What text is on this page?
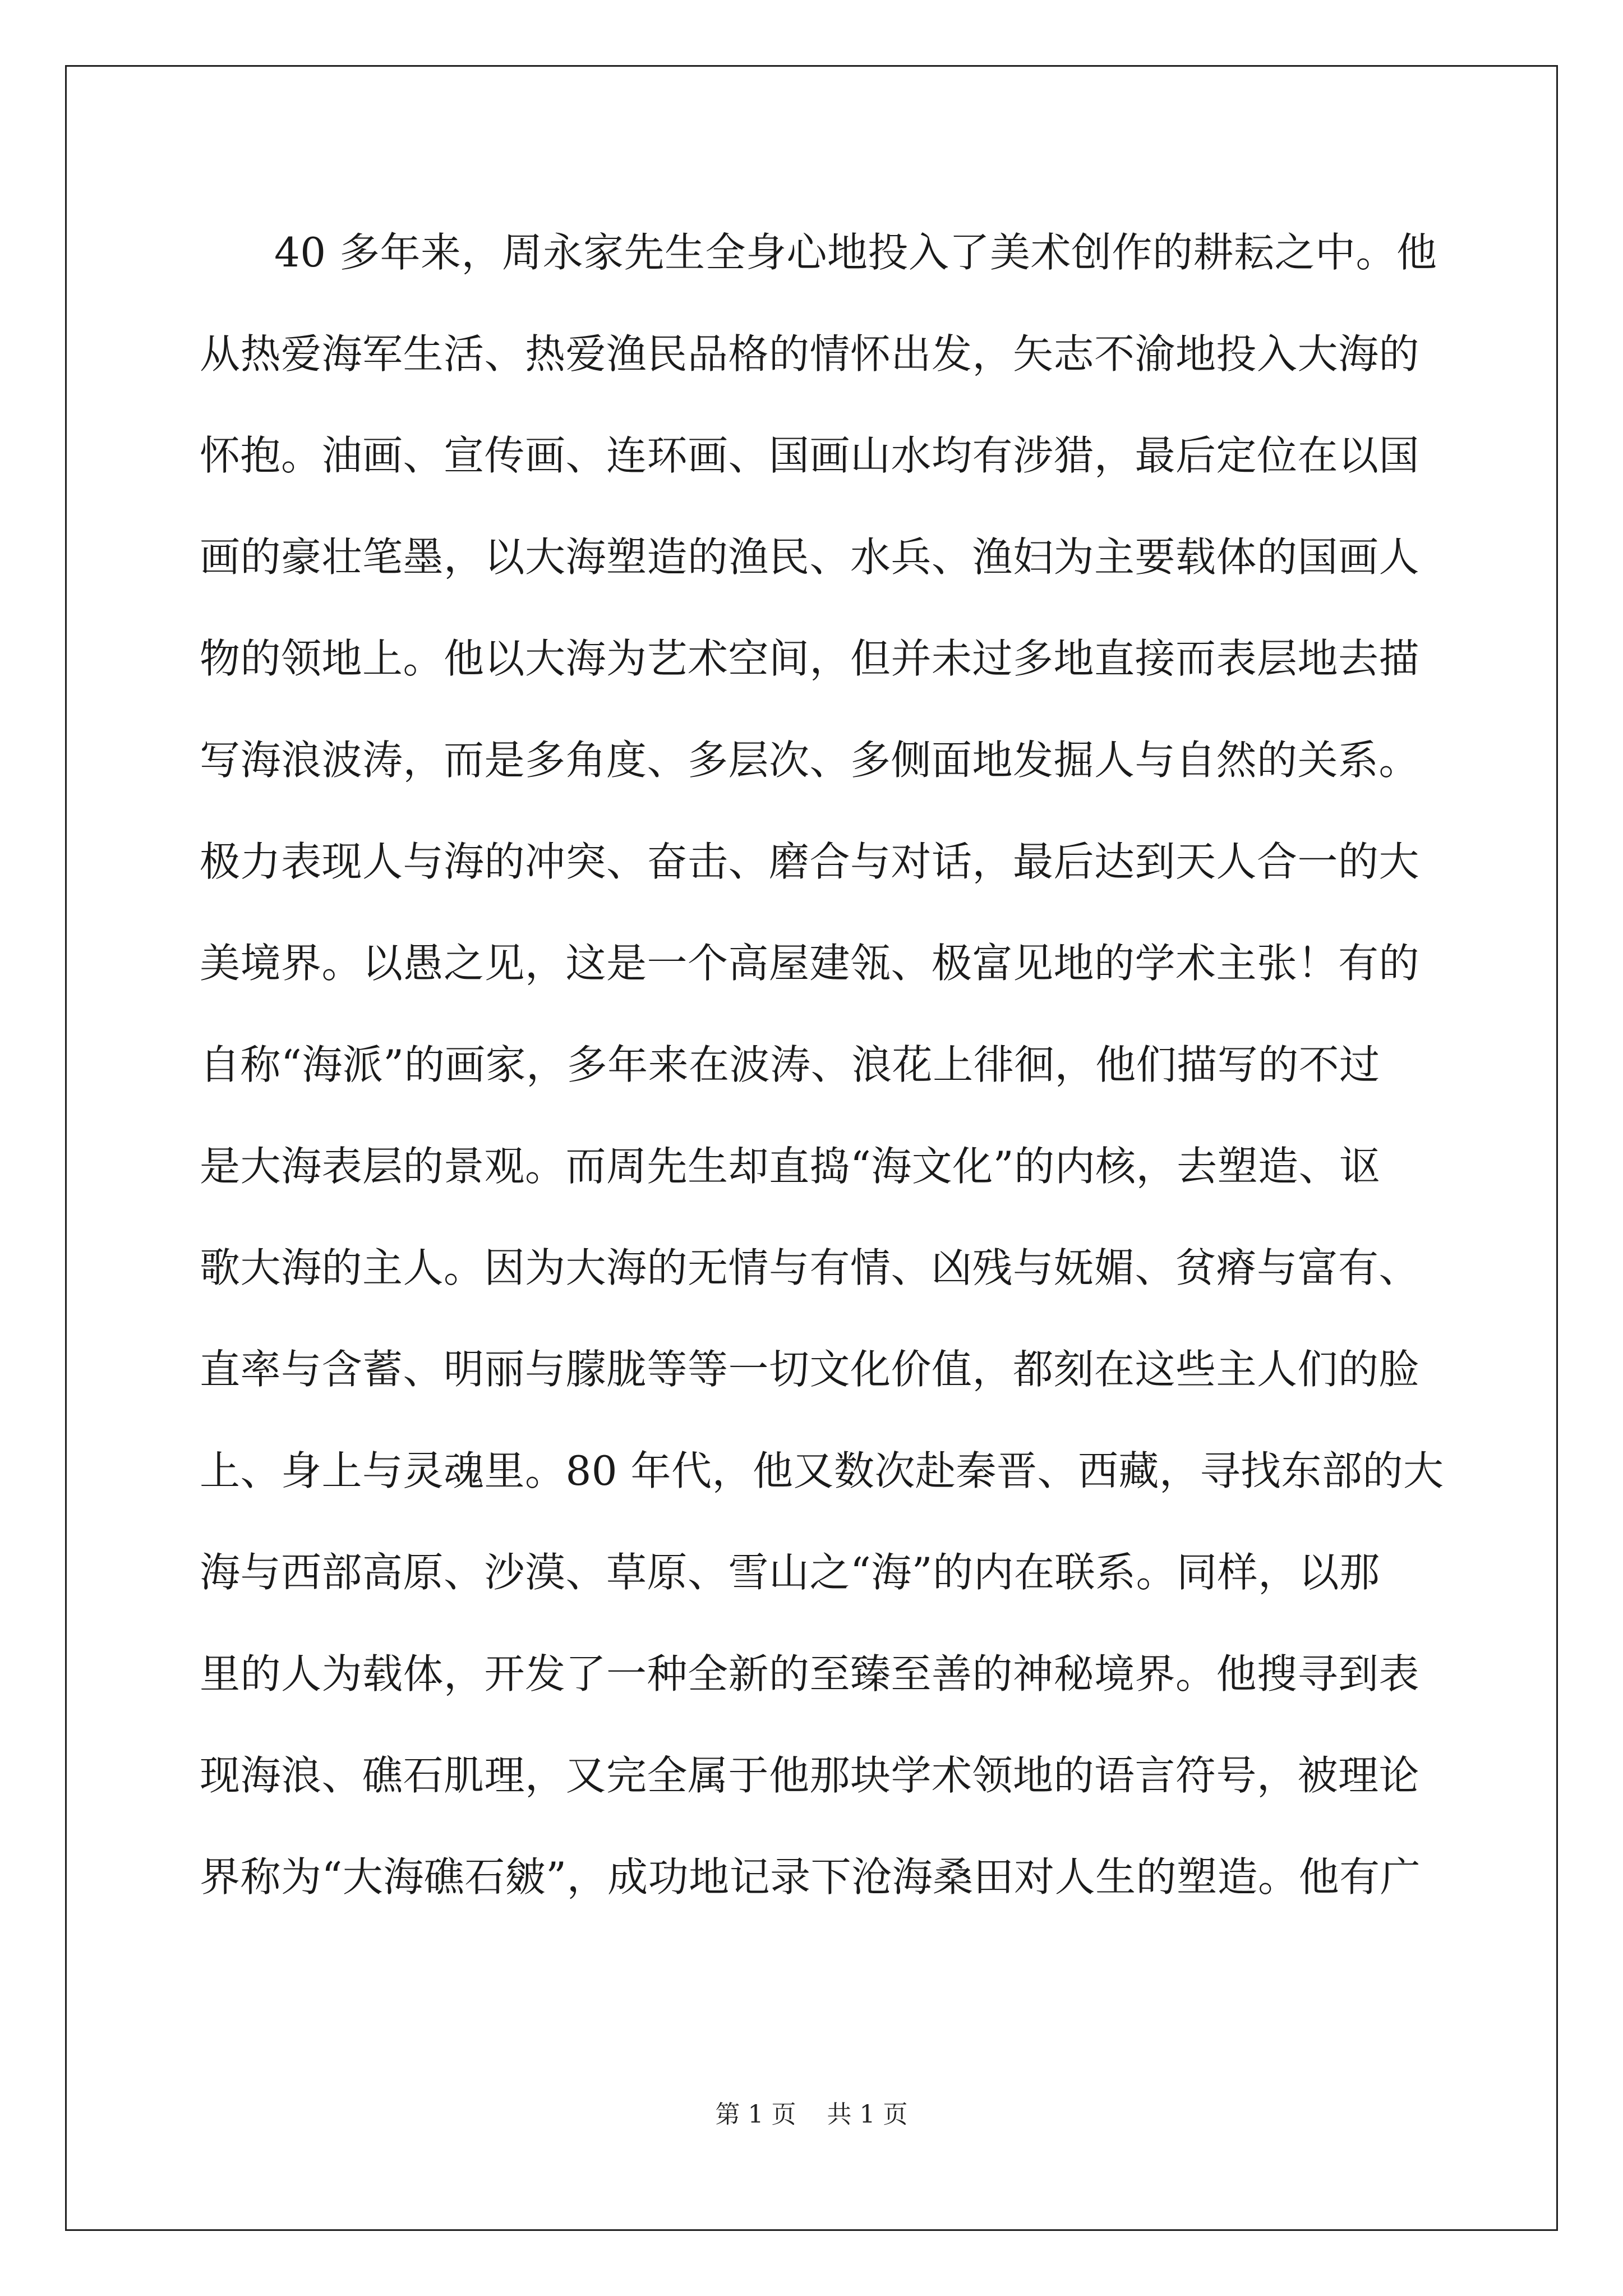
40 多年来，周永家先生全身心地投入了美术创作的耕耘之中。他
从热爱海军生活、热爱渔民品格的情怀出发，矢志不渝地投入大海的
怀抱。油画、宣传画、连环画、国画山水均有涉猎，最后定位在以国
画的豪壮笔墨，以大海塑造的渔民、水兵、渔妇为主要载体的国画人
物的领地上。他以大海为艺术空间，但并未过多地直接而表层地去描
写海浪波涛，而是多角度、多层次、多侧面地发掘人与自然的关系。
极力表现人与海的冲突、奋击、磨合与对话，最后达到天人合一的大
美境界。以愚之见，这是一个高屋建瓴、极富见地的学术主张！有的
自称“海派”的画家，多年来在波涛、浪花上徘徊，他们描写的不过
是大海表层的景观。而周先生却直捣“海文化”的内核，去塑造、讴
歌大海的主人。因为大海的无情与有情、凶残与妩媚、贫瘠与富有、
直率与含蓄、明丽与朦胧等等一切文化价值，都刻在这些主人们的脸
上、身上与灵魂里。80 年代，他又数次赴秦晋、西藏，寻找东部的大
海与西部高原、沙漠、草原、雪山之“海”的内在联系。同样，以那
里的人为载体，开发了一种全新的至臻至善的神秘境界。他搜寻到表
现海浪、礁石肌理，又完全属于他那块学术领地的语言符号，被理论
界称为“大海礁石皴”，成功地记录下沧海桑田对人生的塑造。他有广
第 1 页 共 1 页
